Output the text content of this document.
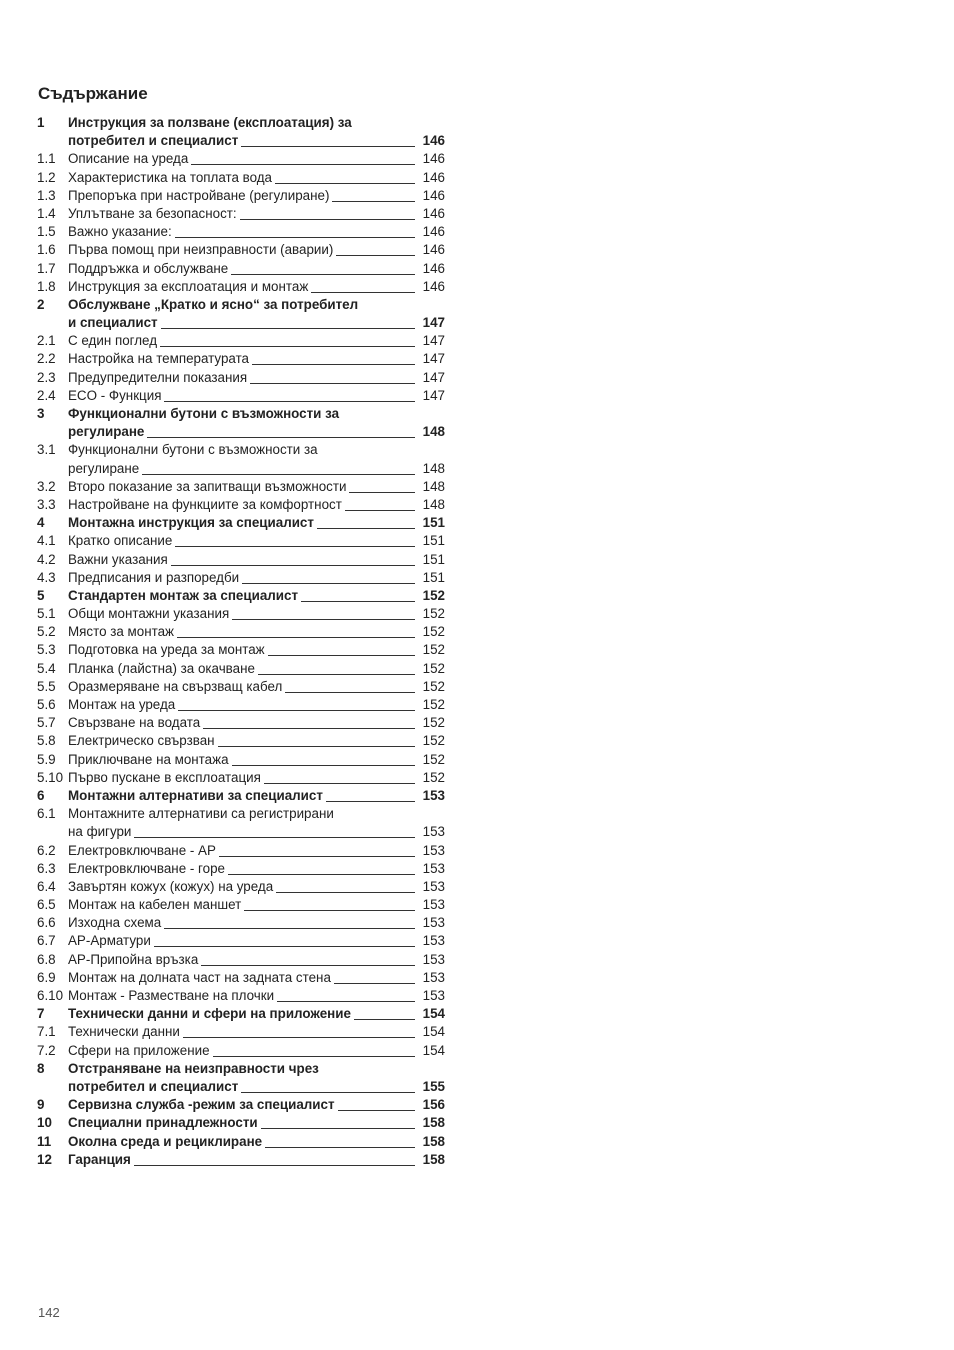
Съдържание
1 Инструкция за ползване (експлоатация) за
потребител и специалист	146
1.1 Описание на уреда	146
1.2 Характеристика на топлата вода	146
1.3 Препоръка при настройване (регулиране)	146
1.4 Уплътване за безопасност:	146
1.5 Важно указание:	146
1.6 Първа помощ при неизправности (аварии)	146
1.7 Поддръжка и обслужване	146
1.8 Инструкция за експлоатация и монтаж	146
2 Обслужване „Кратко и ясно“ за потребител
и специалист	147
2.1 С един поглед	147
2.2 Настройка на температурата	147
2.3 Предупредителни показания	147
2.4 ECO - Функция	147
3 Функционални бутони с възможности за
регулиране	148
3.1 Функционални бутони с възможности за
регулиране	148
3.2 Второ показание за запитващи възможности	148
3.3 Настройване на функциите за комфортност	148
4 Монтажна инструкция за специалист	151
4.1 Кратко описание	151
4.2 Важни указания	151
4.3 Предписания и разпоредби	151
5 Стандартен монтаж за специалист	152
5.1 Общи монтажни указания	152
5.2 Място за монтаж	152
5.3 Подготовка на уреда за монтаж	152
5.4 Планка (лайстна) за окачване	152
5.5 Оразмеряване на свързващ кабел	152
5.6 Монтаж на уреда	152
5.7 Свързване на водата	152
5.8 Електрическо свързван	152
5.9 Приключване на монтажа	152
5.10 Първо пускане в експлоатация	152
6 Монтажни алтернативи за специалист	153
6.1 Монтажните алтернативи са регистрирани
на фигури	153
6.2 Електровключване - АР	153
6.3 Електровключване - горе	153
6.4 Завъртян кожух (кожух) на уреда	153
6.5 Монтаж на кабелен маншет	153
6.6 Изходна схема	153
6.7 АР-Арматури	153
6.8 АР-Припойна връзка	153
6.9 Монтаж на долната част на задната стена	153
6.10 Монтаж - Разместване на плочки	153
7 Технически данни и сфери на приложение	154
7.1 Технически данни	154
7.2 Сфери на приложение	154
8 Отстраняване на неизправности чрез
потребител и специалист	155
9 Сервизна служба -режим за специалист	156
10 Специални принадлежности	158
11 Околна среда и рециклиране	158
12 Гаранция	158
142
